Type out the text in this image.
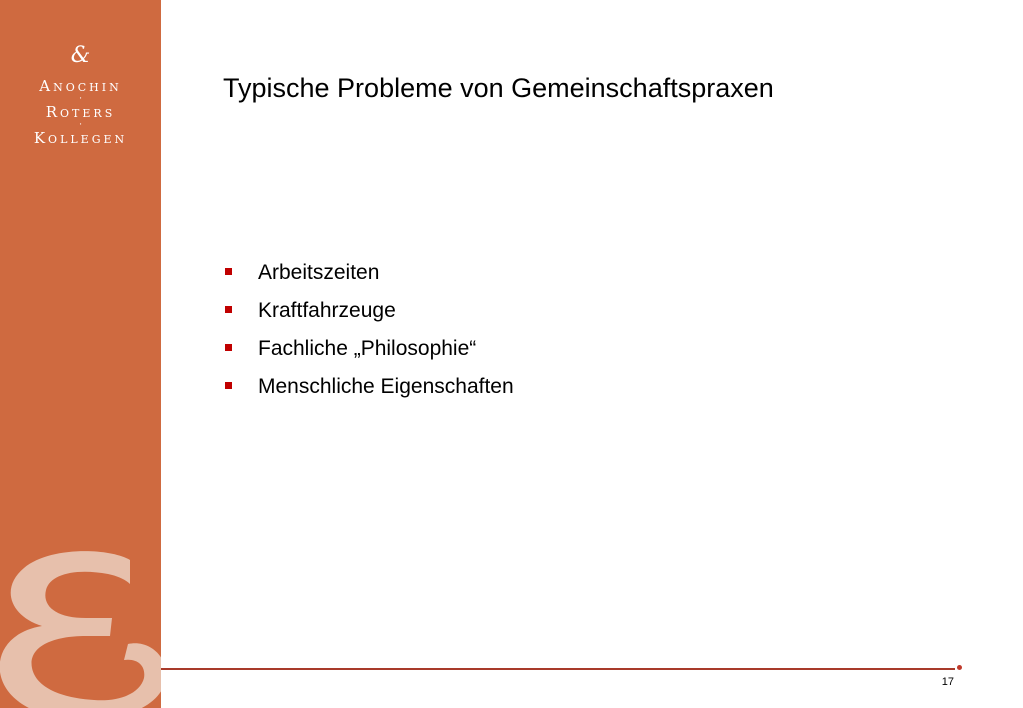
&
Anochin
·
Roters
·
Kollegen
Typische Probleme von Gemeinschaftspraxen
Arbeitszeiten
Kraftfahrzeuge
Fachliche „Philosophie“
Menschliche Eigenschaften
17
